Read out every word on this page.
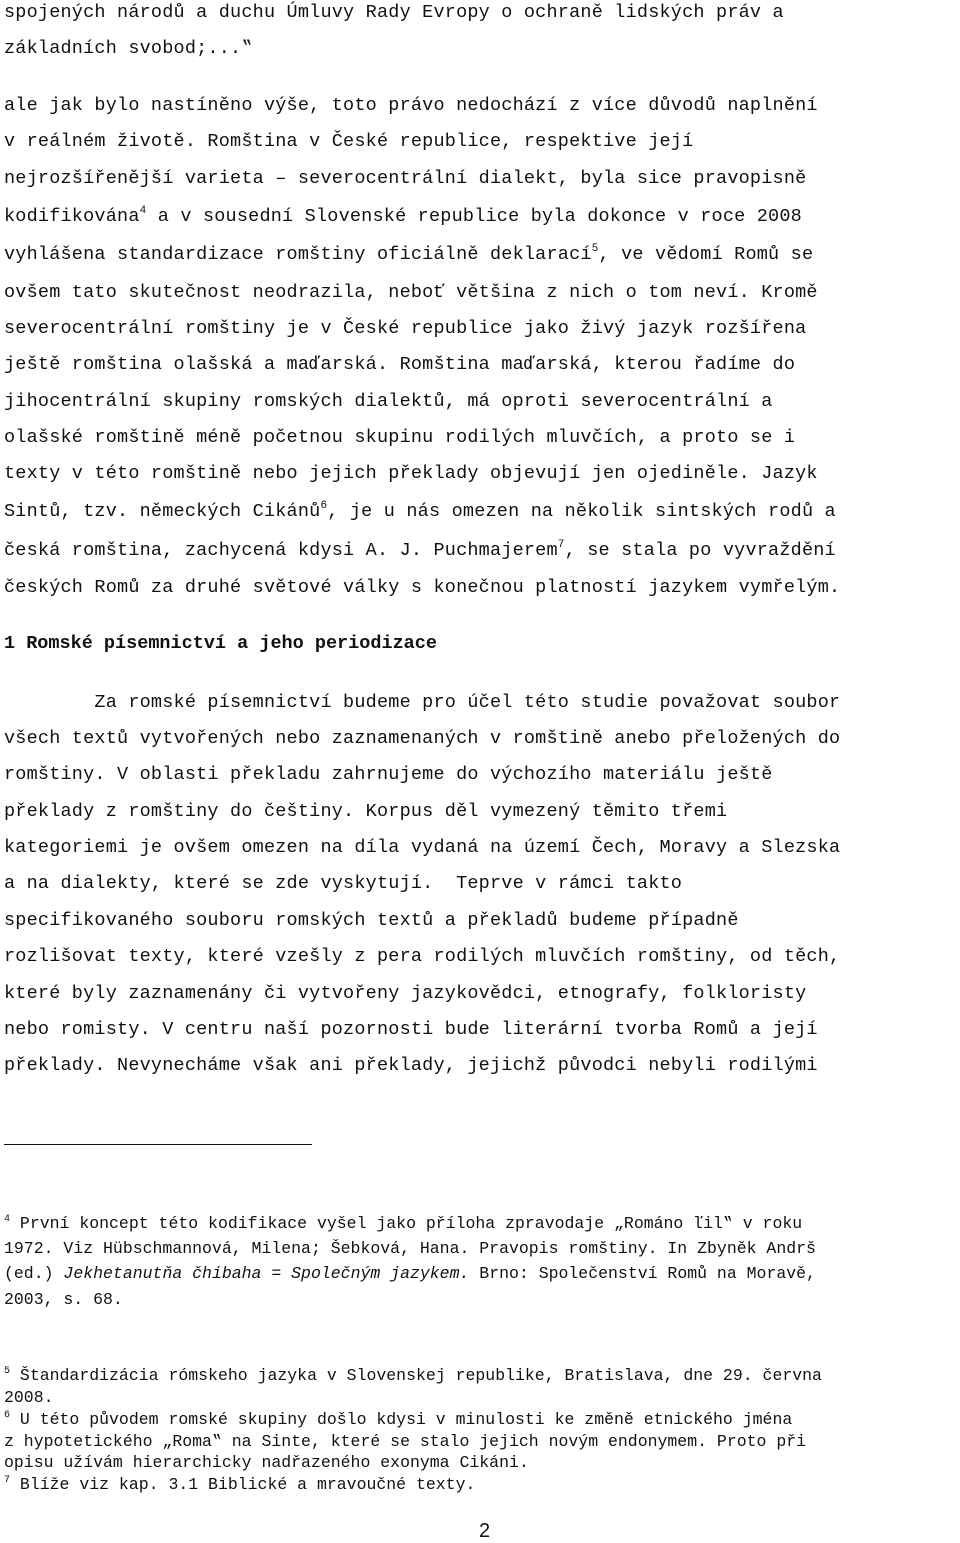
spojených národů a duchu Úmluvy Rady Evropy o ochraně lidských práv a
základních svobod;...‟
ale jak bylo nastíněno výše, toto právo nedochází z více důvodů naplnění
v reálném životě. Romština v České republice, respektive její
nejrozšířenější varieta – severocentrální dialekt, byla sice pravopisně
kodifikována$^4$ a v sousední Slovenské republice byla dokonce v roce 2008
vyhlášena standardizace romštiny oficiálně deklarací$^5$, ve vědomí Romů se
ovšem tato skutečnost neodrazila, neboť většina z nich o tom neví. Kromě
severocentrální romštiny je v České republice jako živý jazyk rozšířena
ještě romština olašská a maďarská. Romština maďarská, kterou řadíme do
jihocentrální skupiny romských dialektů, má oproti severocentrální a
olašské romštině méně početnou skupinu rodilých mluvčích, a proto se i
texty v této romštině nebo jejich překlady objevují jen ojediněle. Jazyk
Sintů, tzv. německých Cikánů$^6$, je u nás omezen na několik sintských rodů a
česká romština, zachycená kdysi A. J. Puchmajerem$^7$, se stala po vyvraždění
českých Romů za druhé světové války s konečnou platností jazykem vymřelým.
1 Romské písemnictví a jeho periodizace
Za romské písemnictví budeme pro účel této studie považovat soubor
všech textů vytvořených nebo zaznamenaných v romštině anebo přeložených do
romštiny. V oblasti překladu zahrnujeme do výchozího materiálu ještě
překlady z romštiny do češtiny. Korpus děl vymezený těmito třemi
kategoriemi je ovšem omezen na díla vydaná na území Čech, Moravy a Slezska
a na dialekty, které se zde vyskytují.  Teprve v rámci takto
specifikovaného souboru romských textů a překladů budeme případně
rozlišovat texty, které vzešly z pera rodilých mluvčích romštiny, od těch,
které byly zaznamenány či vytvořeny jazykovědci, etnografy, folkloristy
nebo romisty. V centru naší pozornosti bude literární tvorba Romů a její
překlady. Nevynecháme však ani překlady, jejichž původci nebyli rodilými
$^4$ První koncept této kodifikace vyšel jako příloha zpravodaje „Románo ľil‟ v roku
1972. Viz Hübschmannová, Milena; Šebková, Hana. Pravopis romštiny. In Zbyněk Andrš
(ed.) Jekhetanutňa čhibaha = Společným jazykem. Brno: Společenství Romů na Moravě,
2003, s. 68.
$^5$ Štandardizácia rómskeho jazyka v Slovenskej republike, Bratislava, dne 29. června
2008.
$^6$ U této původem romské skupiny došlo kdysi v minulosti ke změně etnického jména
z hypotetického „Roma‟ na Sinte, které se stalo jejich novým endonymem. Proto při
opisu užívám hierarchicky nadřazeného exonyma Cikáni.
$^7$ Blíže viz kap. 3.1 Biblické a mravoučné texty.
2
